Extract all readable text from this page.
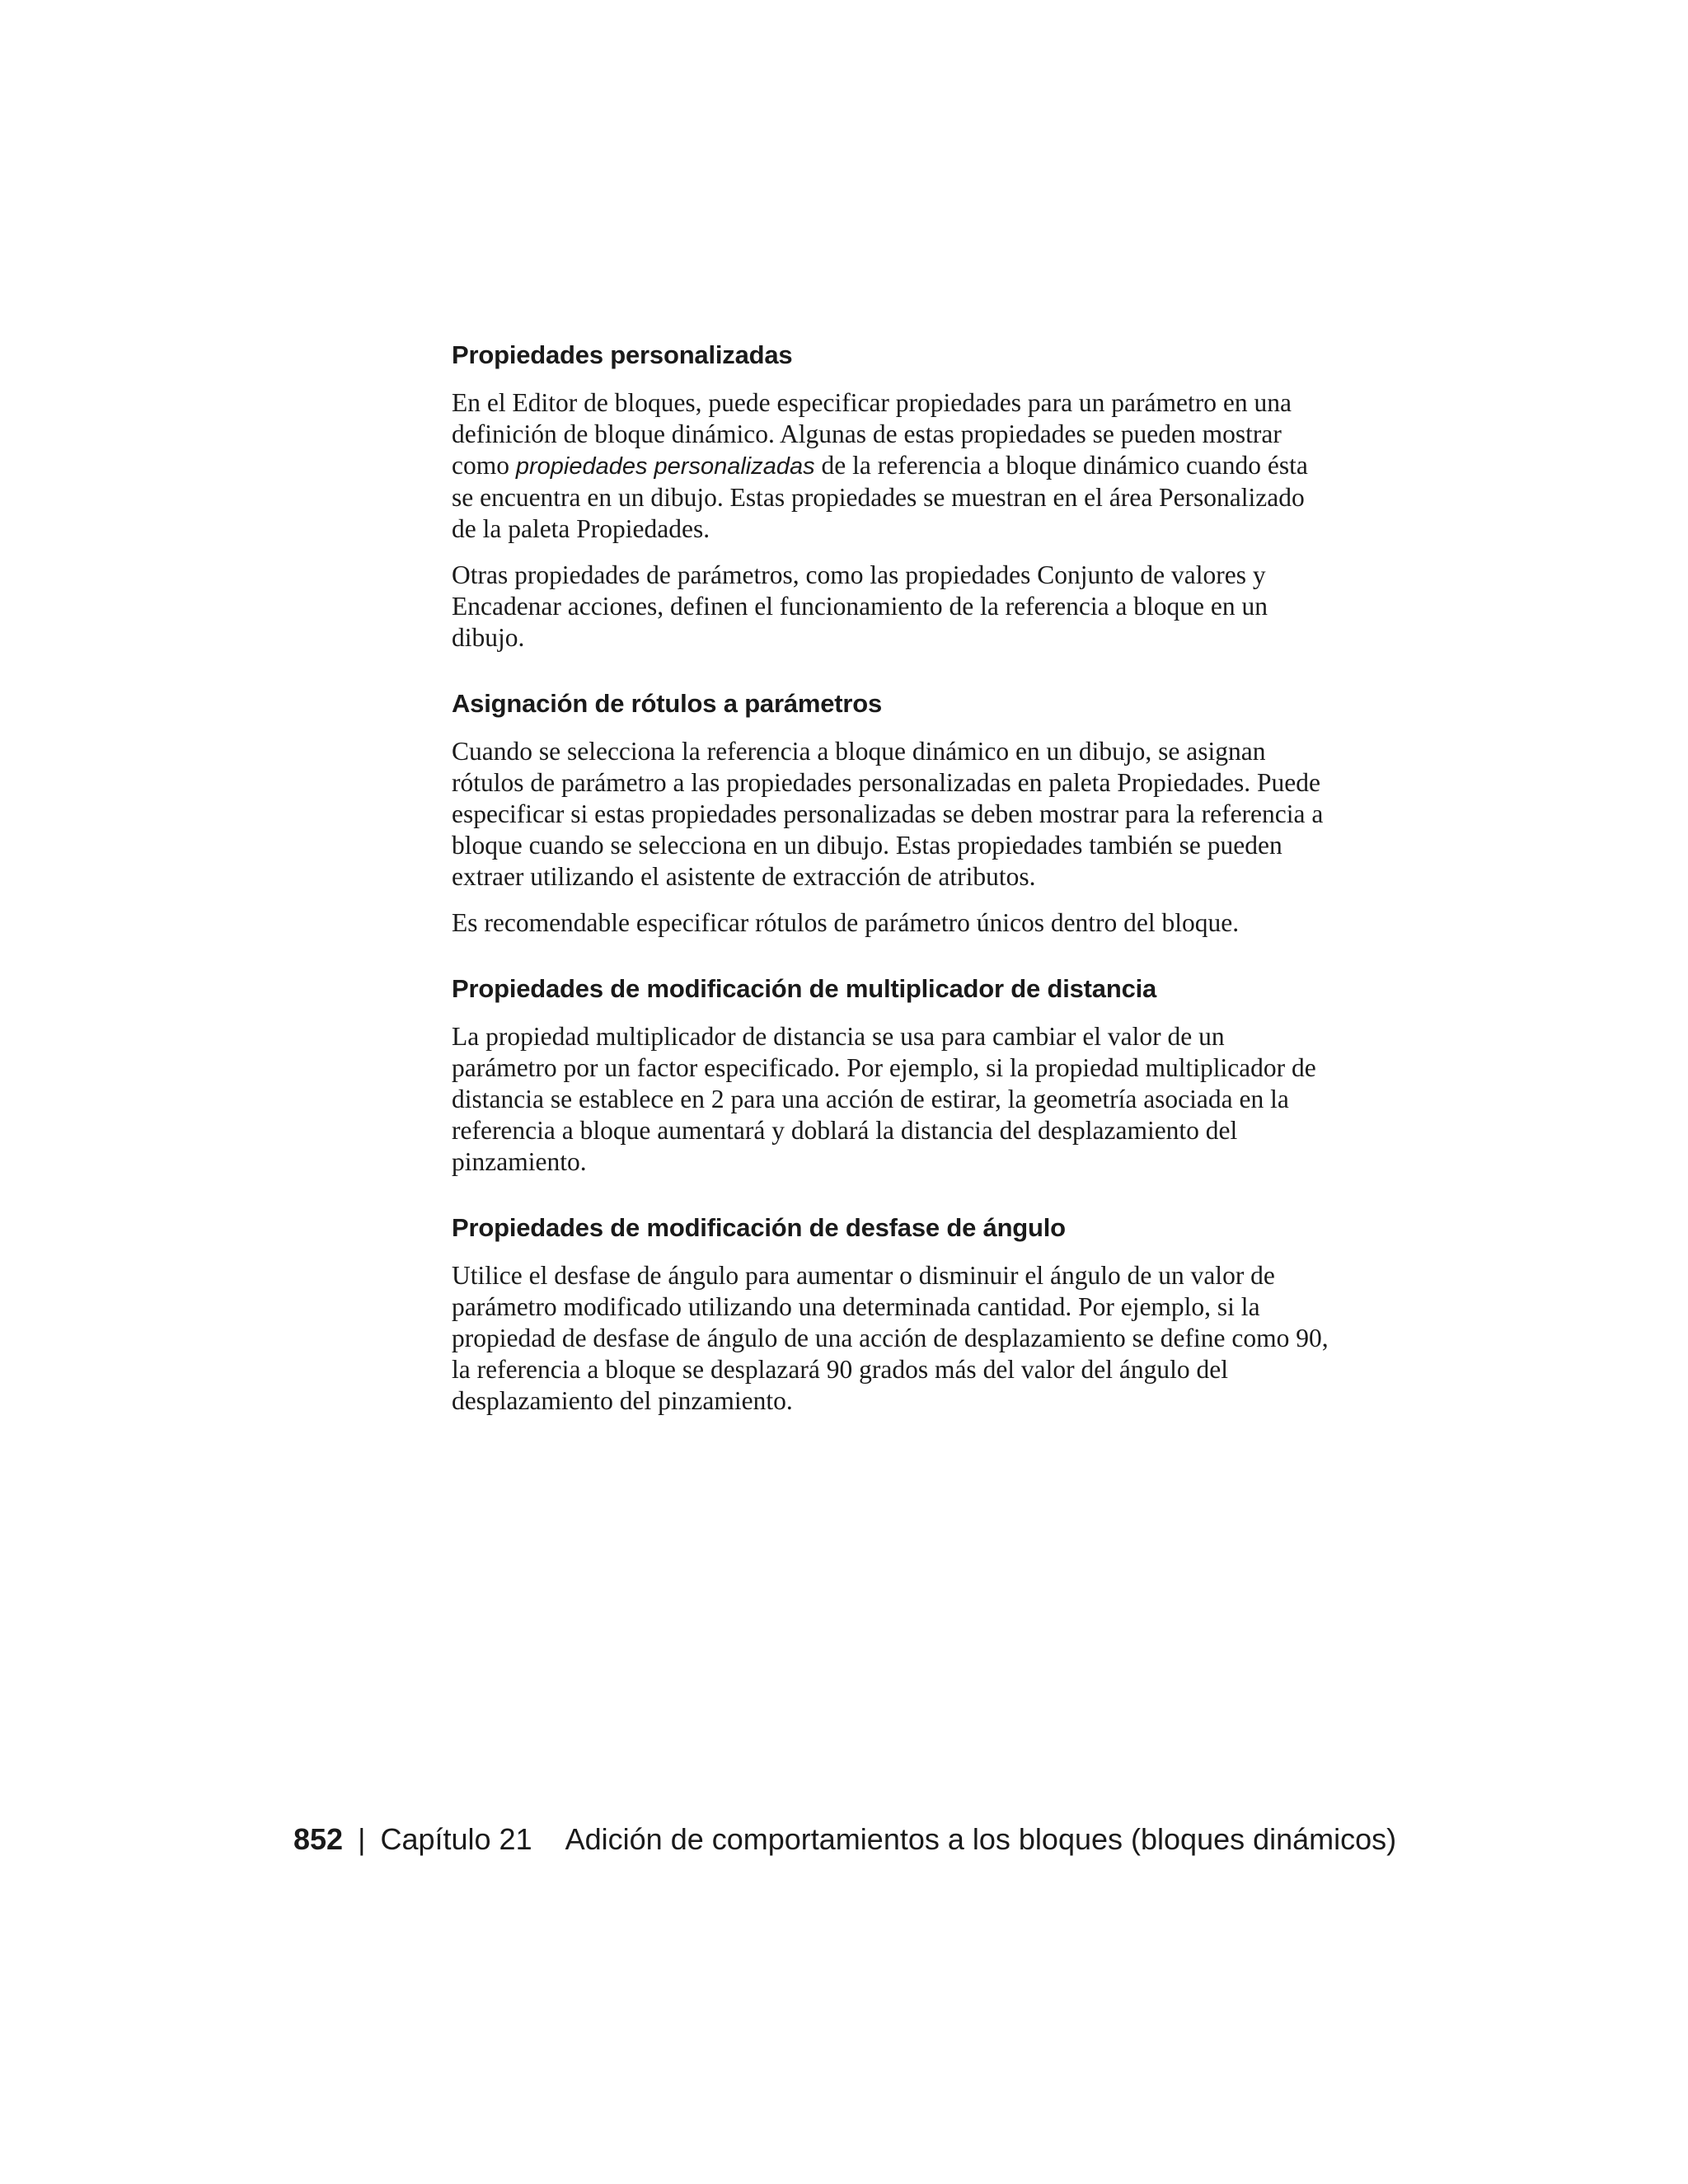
Propiedades personalizadas

En el Editor de bloques, puede especificar propiedades para un parámetro en una definición de bloque dinámico. Algunas de estas propiedades se pueden mostrar como propiedades personalizadas de la referencia a bloque dinámico cuando ésta se encuentra en un dibujo. Estas propiedades se muestran en el área Personalizado de la paleta Propiedades.

Otras propiedades de parámetros, como las propiedades Conjunto de valores y Encadenar acciones, definen el funcionamiento de la referencia a bloque en un dibujo.

Asignación de rótulos a parámetros

Cuando se selecciona la referencia a bloque dinámico en un dibujo, se asignan rótulos de parámetro a las propiedades personalizadas en paleta Propiedades. Puede especificar si estas propiedades personalizadas se deben mostrar para la referencia a bloque cuando se selecciona en un dibujo. Estas propiedades también se pueden extraer utilizando el asistente de extracción de atributos.

Es recomendable especificar rótulos de parámetro únicos dentro del bloque.

Propiedades de modificación de multiplicador de distancia

La propiedad multiplicador de distancia se usa para cambiar el valor de un parámetro por un factor especificado. Por ejemplo, si la propiedad multiplicador de distancia se establece en 2 para una acción de estirar, la geometría asociada en la referencia a bloque aumentará y doblará la distancia del desplazamiento del pinzamiento.

Propiedades de modificación de desfase de ángulo

Utilice el desfase de ángulo para aumentar o disminuir el ángulo de un valor de parámetro modificado utilizando una determinada cantidad. Por ejemplo, si la propiedad de desfase de ángulo de una acción de desplazamiento se define como 90, la referencia a bloque se desplazará 90 grados más del valor del ángulo del desplazamiento del pinzamiento.

852 | Capítulo 21 Adición de comportamientos a los bloques (bloques dinámicos)
